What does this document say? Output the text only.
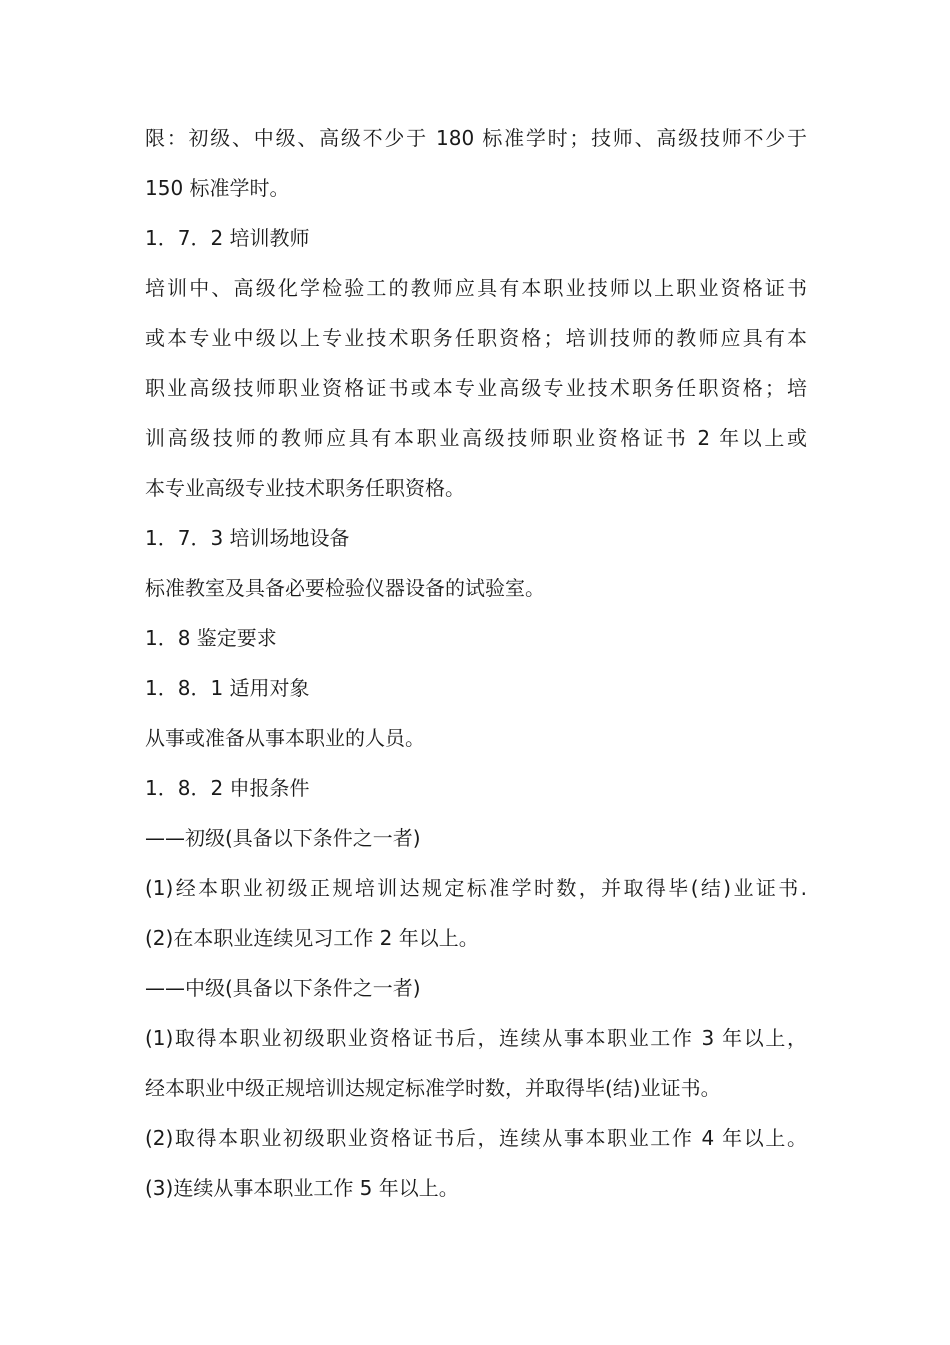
限：初级、中级、高级不少于 180 标准学时；技师、高级技师不少于
150 标准学时。
1．7．2 培训教师
培训中、高级化学检验工的教师应具有本职业技师以上职业资格证书
或本专业中级以上专业技术职务任职资格；培训技师的教师应具有本
职业高级技师职业资格证书或本专业高级专业技术职务任职资格；培
训高级技师的教师应具有本职业高级技师职业资格证书 2 年以上或
本专业高级专业技术职务任职资格。
1．7．3 培训场地设备
标准教室及具备必要检验仪器设备的试验室。
1．8 鉴定要求
1．8．1 适用对象
从事或准备从事本职业的人员。
1．8．2 申报条件
——初级(具备以下条件之一者)
(1)经本职业初级正规培训达规定标准学时数，并取得毕(结)业证书.
(2)在本职业连续见习工作 2 年以上。
——中级(具备以下条件之一者)
(1)取得本职业初级职业资格证书后，连续从事本职业工作 3 年以上，
经本职业中级正规培训达规定标准学时数，并取得毕(结)业证书。
(2)取得本职业初级职业资格证书后，连续从事本职业工作 4 年以上。
(3)连续从事本职业工作 5 年以上。
